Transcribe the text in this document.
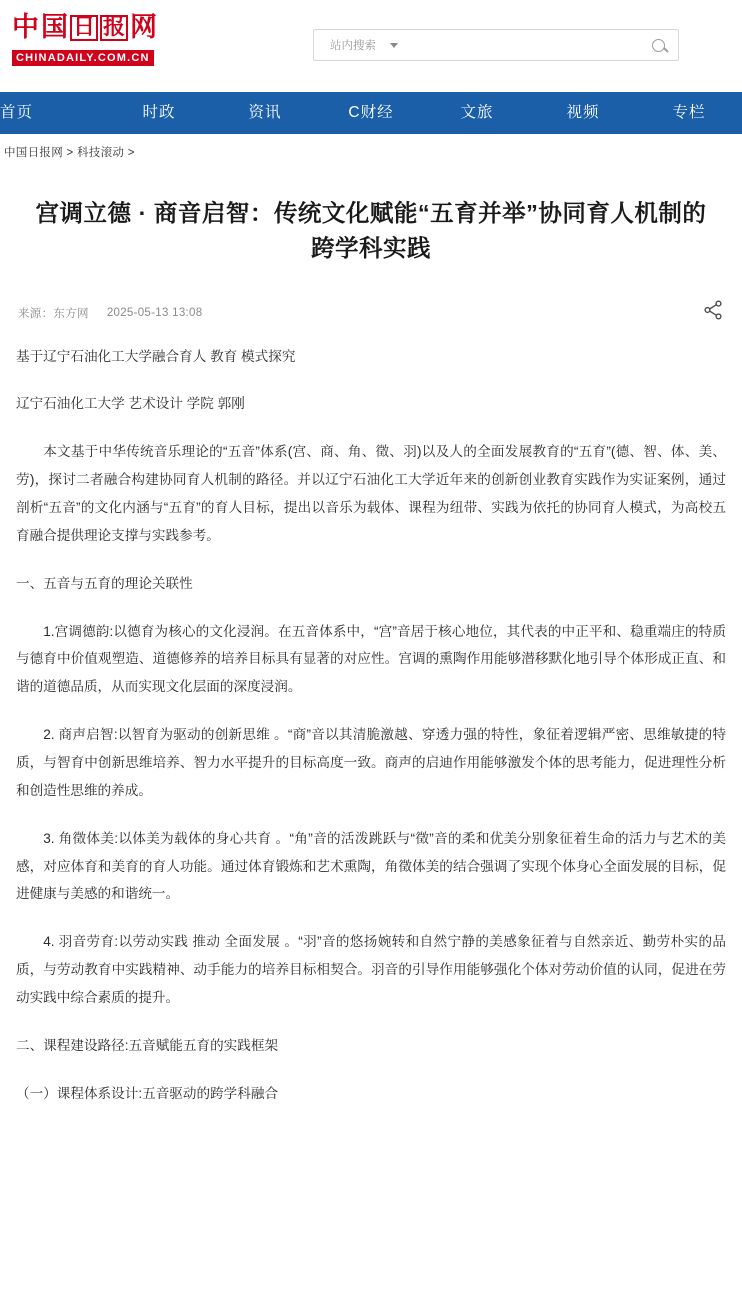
中 国 日 报 网
CHINADAILY.COM.CN
站内搜索
首页	时政	资讯	C财经	文旅	视频	专栏
中国日报网 > 科技滚动 >
宫调立德 · 商音启智：传统文化赋能“五育并举”协同育人机制的跨学科实践
来源：东方网 2025-05-13 13:08

基于辽宁石油化工大学融合育人 教育 模式探究

辽宁石油化工大学 艺术设计 学院 郭刚

本文基于中华传统音乐理论的“五音”体系(宫、商、角、徵、羽)以及人的全面发展教育的“五育”(德、智、体、美、劳)，探讨二者融合构建协同育人机制的路径。并以辽宁石油化工大学近年来的创新创业教育实践作为实证案例，通过剖析“五音”的文化内涵与“五育”的育人目标，提出以音乐为载体、课程为纽带、实践为依托的协同育人模式，为高校五育融合提供理论支撑与实践参考。

一、五音与五育的理论关联性

1.宫调德韵:以德育为核心的文化浸润。在五音体系中，“宫”音居于核心地位，其代表的中正平和、稳重端庄的特质与德育中价值观塑造、道德修养的培养目标具有显著的对应性。宫调的熏陶作用能够潜移默化地引导个体形成正直、和谐的道德品质，从而实现文化层面的深度浸润。

2. 商声启智:以智育为驱动的创新思维 。“商”音以其清脆激越、穿透力强的特性，象征着逻辑严密、思维敏捷的特质，与智育中创新思维培养、智力水平提升的目标高度一致。商声的启迪作用能够激发个体的思考能力，促进理性分析和创造性思维的养成。

3. 角徵体美:以体美为载体的身心共育 。“角”音的活泼跳跃与“徵”音的柔和优美分别象征着生命的活力与艺术的美感，对应体育和美育的育人功能。通过体育锻炼和艺术熏陶，角徵体美的结合强调了实现个体身心全面发展的目标，促进健康与美感的和谐统一。

4. 羽音劳育:以劳动实践 推动 全面发展 。“羽”音的悠扬婉转和自然宁静的美感象征着与自然亲近、勤劳朴实的品质，与劳动教育中实践精神、动手能力的培养目标相契合。羽音的引导作用能够强化个体对劳动价值的认同，促进在劳动实践中综合素质的提升。

二、课程建设路径:五音赋能五育的实践框架

（一）课程体系设计:五音驱动的跨学科融合
